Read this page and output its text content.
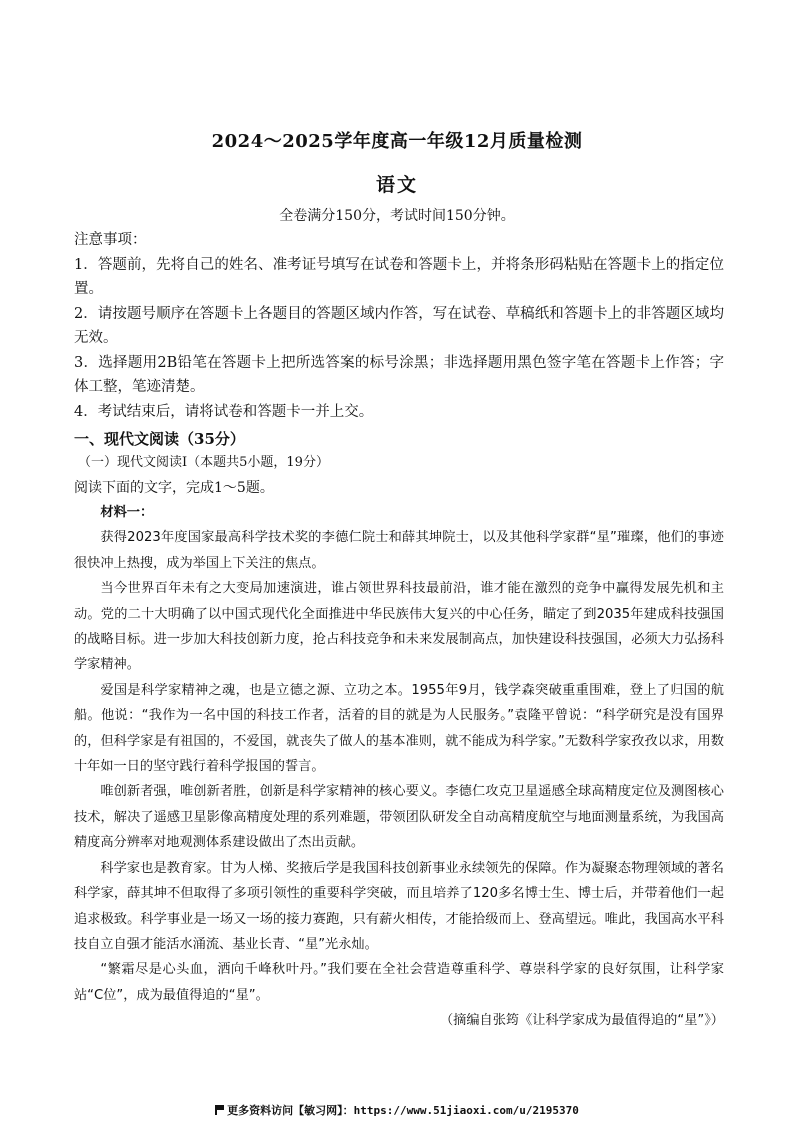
2024～2025学年度高一年级12月质量检测
语文
全卷满分150分，考试时间150分钟。

注意事项：

1．答题前，先将自己的姓名、准考证号填写在试卷和答题卡上，并将条形码粘贴在答题卡上的指定位置。

2．请按题号顺序在答题卡上各题目的答题区域内作答，写在试卷、草稿纸和答题卡上的非答题区域均无效。

3．选择题用2B铅笔在答题卡上把所选答案的标号涂黑；非选择题用黑色签字笔在答题卡上作答；字体工整，笔迹清楚。

4．考试结束后，请将试卷和答题卡一并上交。

一、现代文阅读（35分）
（一）现代文阅读Ⅰ（本题共5小题，19分）
阅读下面的文字，完成1～5题。

材料一：

获得2023年度国家最高科学技术奖的李德仁院士和薛其坤院士，以及其他科学家群“星”璀璨，他们的事迹很快冲上热搜，成为举国上下关注的焦点。

当今世界百年未有之大变局加速演进，谁占领世界科技最前沿，谁才能在激烈的竞争中赢得发展先机和主动。党的二十大明确了以中国式现代化全面推进中华民族伟大复兴的中心任务，瞄定了到2035年建成科技强国的战略目标。进一步加大科技创新力度，抢占科技竞争和未来发展制高点，加快建设科技强国，必须大力弘扬科学家精神。

爱国是科学家精神之魂，也是立德之源、立功之本。1955年9月，钱学森突破重重围难，登上了归国的航船。他说：“我作为一名中国的科技工作者，活着的目的就是为人民服务。”袁隆平曾说：“科学研究是没有国界的，但科学家是有祖国的，不爱国，就丧失了做人的基本准则，就不能成为科学家。”无数科学家孜孜以求，用数十年如一日的坚守践行着科学报国的誓言。

唯创新者强，唯创新者胜，创新是科学家精神的核心要义。李德仁攻克卫星遥感全球高精度定位及测图核心技术，解决了遥感卫星影像高精度处理的系列难题，带领团队研发全自动高精度航空与地面测量系统，为我国高精度高分辨率对地观测体系建设做出了杰出贡献。

科学家也是教育家。甘为人梯、奖掖后学是我国科技创新事业永续领先的保障。作为凝聚态物理领域的著名科学家，薛其坤不但取得了多项引领性的重要科学突破，而且培养了120多名博士生、博士后，并带着他们一起追求极致。科学事业是一场又一场的接力赛跑，只有薪火相传，才能拾级而上、登高望远。唯此，我国高水平科技自立自强才能活水涌流、基业长青、“星”光永灿。

“繁霜尽是心头血，洒向千峰秋叶丹。”我们要在全社会营造尊重科学、尊崇科学家的良好氛围，让科学家站“C位”，成为最值得追的“星”。

（摘编自张筠《让科学家成为最值得追的“星”》）

更多资料访问【敏习网】：https://www.51jiaoxi.com/u/2195370
